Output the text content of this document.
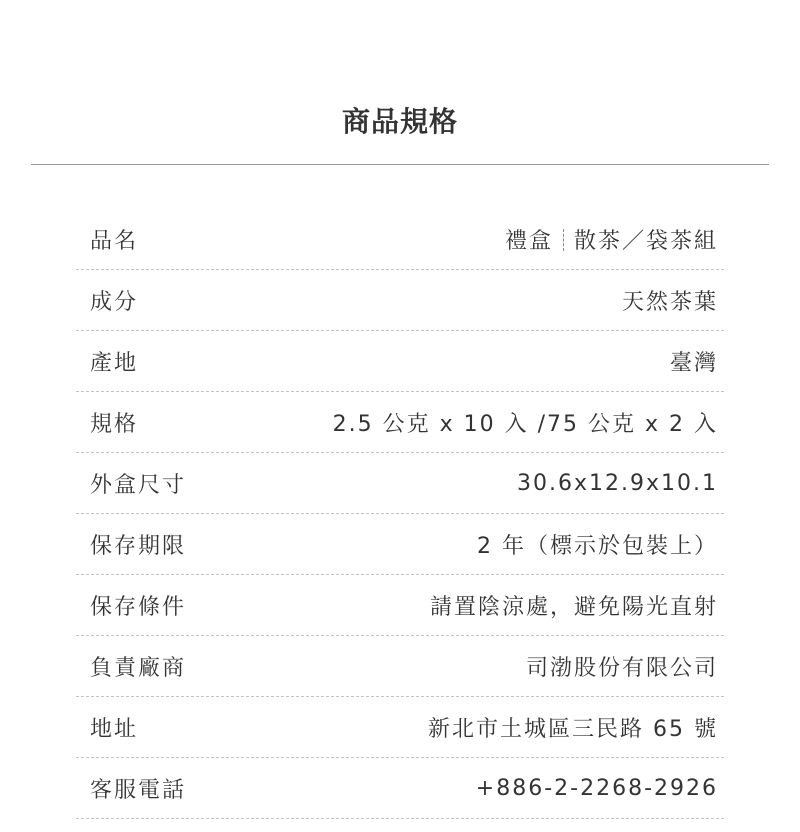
商品規格
品名	禮盒 散茶／袋茶組
成分	天然茶葉
產地	臺灣
規格	2.5 公克 x 10 入 /75 公克 x 2 入
外盒尺寸	30.6x12.9x10.1
保存期限	2 年（標示於包裝上）
保存條件	請置陰涼處，避免陽光直射
負責廠商	司渤股份有限公司
地址	新北市土城區三民路 65 號
客服電話	+886-2-2268-2926
